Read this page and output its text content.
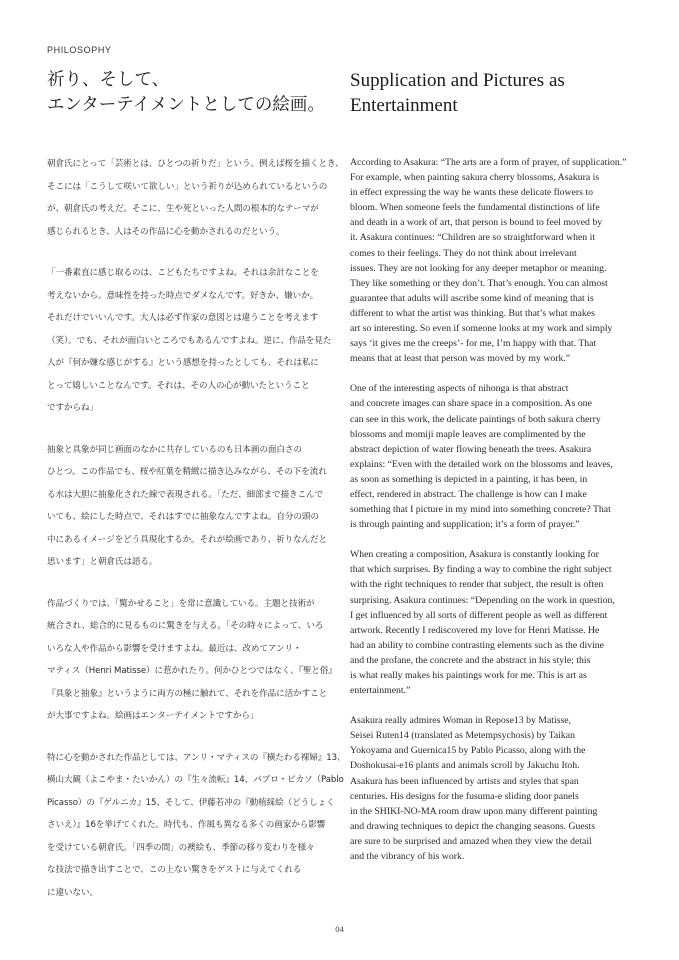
PHILOSOPHY
祈り、そして、
エンターテイメントとしての絵画。
Supplication and Pictures as
Entertainment
朝倉氏にとって「芸術とは、ひとつの祈りだ」という。例えば桜を描くとき、
そこには「こうして咲いて欲しい」という祈りが込められているというの
が、朝倉氏の考えだ。そこに、生や死といった人間の根本的なテーマが
感じられるとき、人はその作品に心を動かされるのだという。
「一番素直に感じ取るのは、こどもたちですよね。それは余計なことを
考えないから。意味性を持った時点でダメなんです。好きか、嫌いか。
それだけでいいんです。大人は必ず作家の意図とは違うことを考えます
（笑）。でも、それが面白いところでもあるんですよね。逆に、作品を見た
人が『何か嫌な感じがする』という感想を持ったとしても、それは私に
とって嬉しいことなんです。それは、その人の心が動いたということ
ですからね」
抽象と具象が同じ画面のなかに共存しているのも日本画の面白さの
ひとつ。この作品でも、桜や紅葉を精緻に描き込みながら、その下を流れ
る水は大胆に抽象化された線で表現される。「ただ、細部まで描きこんで
いても、絵にした時点で、それはすでに抽象なんですよね。自分の頭の
中にあるイメージをどう具現化するか。それが絵画であり、祈りなんだと
思います」と朝倉氏は語る。
作品づくりでは、「驚かせること」を常に意識している。主題と技術が
統合され、総合的に見るものに驚きを与える。「その時々によって、いろ
いろな人や作品から影響を受けますよね。最近は、改めてアンリ・
マティス（Henri Matisse）に惹かれたり。何かひとつではなく、『聖と俗』
『具象と抽象』というように両方の極に触れて、それを作品に活かすこと
が大事ですよね。絵画はエンターテイメントですから」
特に心を動かされた作品としては、アンリ・マティスの『横たわる裸婦』13、
横山大観（よこやま・たいかん）の『生々流転』14、パブロ・ピカソ（Pablo
Picasso）の『ゲルニカ』15、そして、伊藤若冲の『動植綵絵（どうしょく
さいえ）』16を挙げてくれた。時代も、作風も異なる多くの画家から影響
を受けている朝倉氏。「四季の間」の襖絵も、季節の移り変わりを様々
な技法で描き出すことで、この上ない驚きをゲストに与えてくれる
に違いない。
According to Asakura: “The arts are a form of prayer, of supplication.”
For example, when painting sakura cherry blossoms, Asakura is
in effect expressing the way he wants these delicate flowers to
bloom. When someone feels the fundamental distinctions of life
and death in a work of art, that person is bound to feel moved by
it. Asakura continues: “Children are so straightforward when it
comes to their feelings. They do not think about irrelevant
issues. They are not looking for any deeper metaphor or meaning.
They like something or they don’t. That’s enough. You can almost
guarantee that adults will ascribe some kind of meaning that is
different to what the artist was thinking. But that’s what makes
art so interesting. So even if someone looks at my work and simply
says ‘it gives me the creeps’- for me, I’m happy with that. That
means that at least that person was moved by my work.”
One of the interesting aspects of nihonga is that abstract
and concrete images can share space in a composition. As one
can see in this work, the delicate paintings of both sakura cherry
blossoms and momiji maple leaves are complimented by the
abstract depiction of water flowing beneath the trees. Asakura
explains: “Even with the detailed work on the blossoms and leaves,
as soon as something is depicted in a painting, it has been, in
effect, rendered in abstract. The challenge is how can I make
something that I picture in my mind into something concrete? That
is through painting and supplication; it’s a form of prayer.”
When creating a composition, Asakura is constantly looking for
that which surprises. By finding a way to combine the right subject
with the right techniques to render that subject, the result is often
surprising. Asakura continues: “Depending on the work in question,
I get influenced by all sorts of different people as well as different
artwork. Recently I rediscovered my love for Henri Matisse. He
had an ability to combine contrasting elements such as the divine
and the profane, the concrete and the abstract in his style; this
is what really makes his paintings work for me. This is art as
entertainment.”
Asakura really admires Woman in Repose13 by Matisse,
Seisei Ruten14 (translated as Metempsychosis) by Taikan
Yokoyama and Guernica15 by Pablo Picasso, along with the
Doshokusai-e16 plants and animals scroll by Jakuchu Itoh.
Asakura has been influenced by artists and styles that span
centuries. His designs for the fusuma-e sliding door panels
in the SHIKI-NO-MA room draw upon many different painting
and drawing techniques to depict the changing seasons. Guests
are sure to be surprised and amazed when they view the detail
and the vibrancy of his work.
04
